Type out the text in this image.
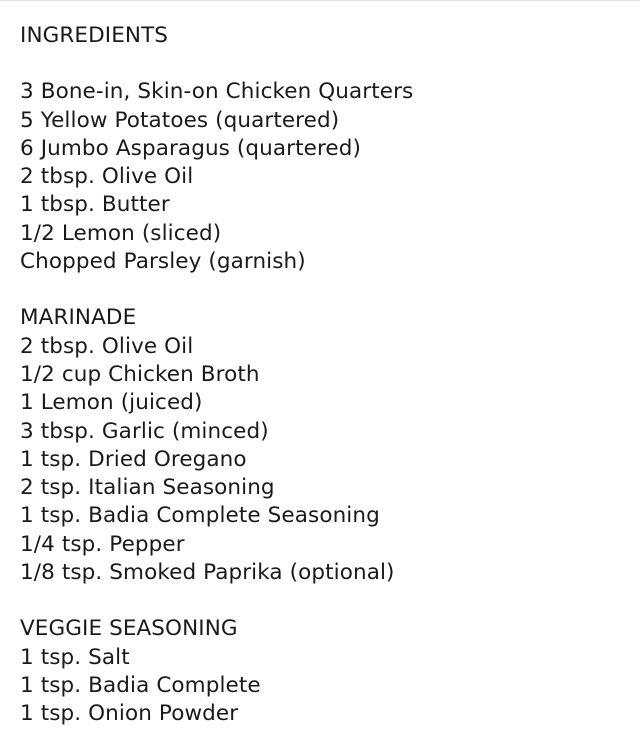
INGREDIENTS
3 Bone-in, Skin-on Chicken Quarters
5 Yellow Potatoes (quartered)
6 Jumbo Asparagus (quartered)
2 tbsp. Olive Oil
1 tbsp. Butter
1/2 Lemon (sliced)
Chopped Parsley (garnish)
MARINADE
2 tbsp. Olive Oil
1/2 cup Chicken Broth
1 Lemon (juiced)
3 tbsp. Garlic (minced)
1 tsp. Dried Oregano
2 tsp. Italian Seasoning
1 tsp. Badia Complete Seasoning
1/4 tsp. Pepper
1/8 tsp. Smoked Paprika (optional)
VEGGIE SEASONING
1 tsp. Salt
1 tsp. Badia Complete
1 tsp. Onion Powder
